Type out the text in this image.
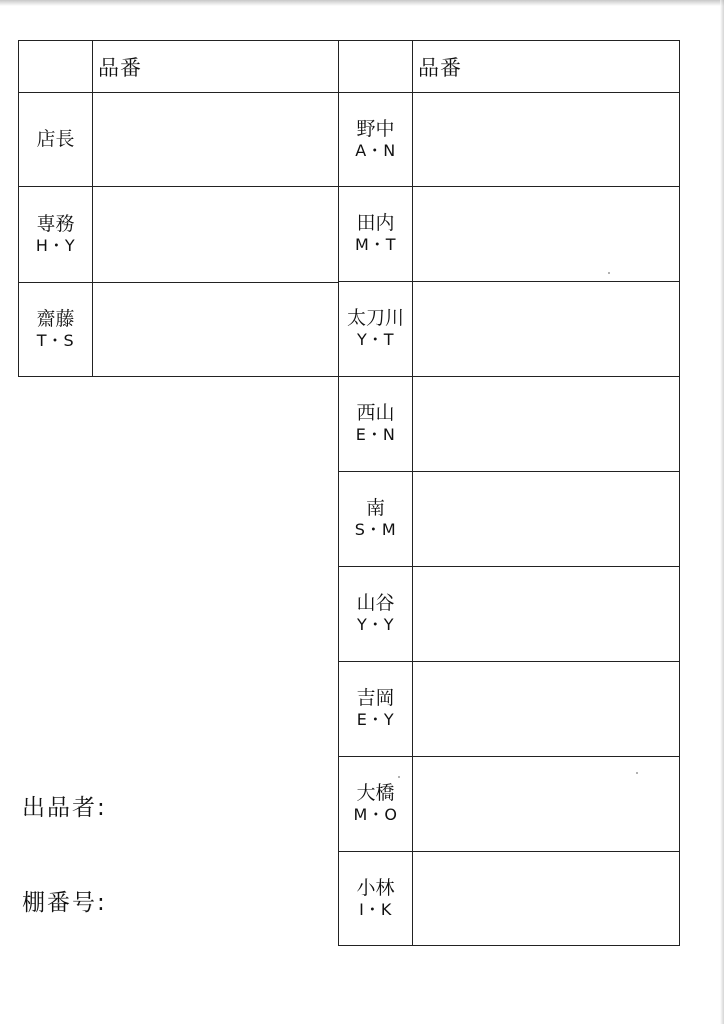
品番
店長
専務
H・Y
齋藤
T・S
品番
野中
A・N
田内
M・T
太刀川
Y・T
西山
E・N
南
S・M
山谷
Y・Y
吉岡
E・Y
大橋
M・O
小林
I・K
出品者:
棚番号:
